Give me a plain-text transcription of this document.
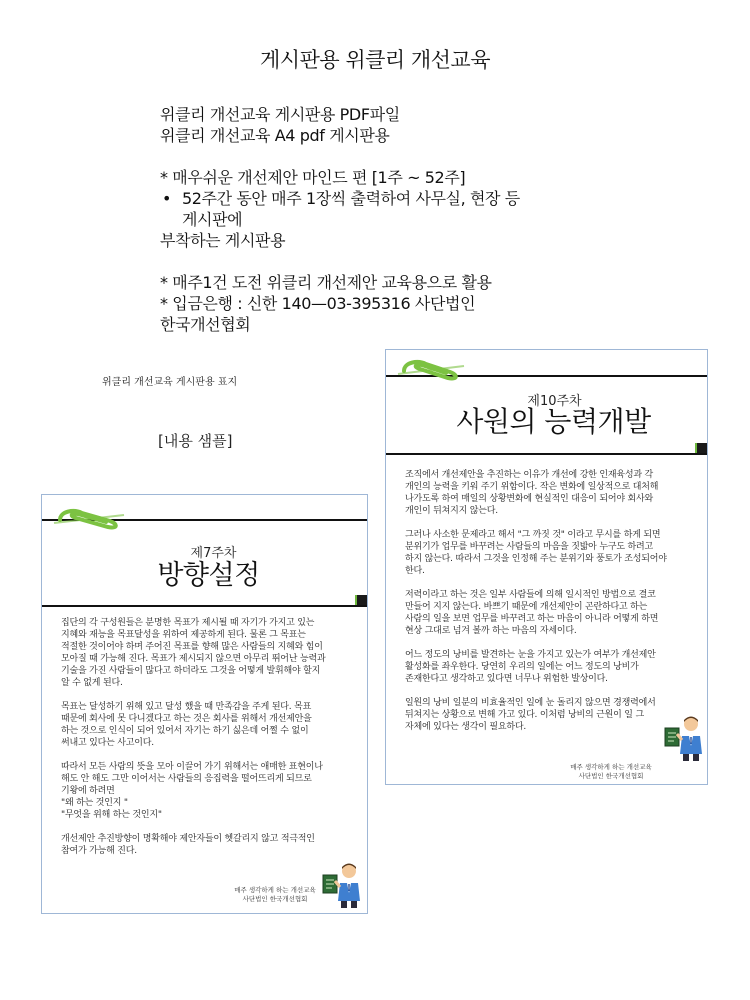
게시판용 위클리 개선교육
위클리 개선교육 게시판용 PDF파일
위클리 개선교육 A4 pdf 게시판용
* 매우쉬운 개선제안 마인드 편 [1주 ~ 52주]
• 52주간 동안 매주 1장씩 출력하여 사무실, 현장 등
게시판에
부착하는 게시판용
* 매주1건 도전 위클리 개선제안 교육용으로 활용
* 입금은행 : 신한 140—03-395316 사단법인
한국개선협회
위클리 개선교육 게시판용 표지
[내용 샘플]
제7주차
방향설정
집단의 각 구성원들은 분명한 목표가 제시될 때 자기가 가지고 있는
지혜와 재능을 목표달성을 위하여 제공하게 된다. 물론 그 목표는
적절한 것이어야 하며 주어진 목표를 향해 많은 사람들의 지혜와 힘이
모아질 때 가능해 진다. 목표가 제시되지 않으면 아무리 뛰어난 능력과
기술을 가진 사람들이 많다고 하더라도 그것을 어떻게 발휘해야 할지
알 수 없게 된다.
목표는 달성하기 위해 있고 달성 했을 때 만족감을 주게 된다. 목표
때문에 회사에 못 다니겠다고 하는 것은 회사를 위해서 개선제안을
하는 것으로 인식이 되어 있어서 자기는 하기 싫은데 어쩔 수 없이
써내고 있다는 사고이다.
따라서 모든 사람의 뜻을 모아 이끌어 가기 위해서는 애매한 표현이나
해도 안 해도 그만 이어서는 사람들의 응집력을 떨어뜨리게 되므로
기왕에 하려면
"왜 하는 것인지 "
"무엇을 위해 하는 것인지"
개선제안 추진방향이 명확해야 제안자들이 헷갈리지 않고 적극적인
참여가 가능해 진다.
매주 생각하게 하는 개선교육
사단법인 한국개선협회
제10주차
사원의 능력개발
조직에서 개선제안을 추진하는 이유가 개선에 강한 인재육성과 각
개인의 능력을 키워 주기 위함이다. 작은 변화에 일상적으로 대처해
나가도록 하여 매일의 상황변화에 현실적인 대응이 되어야 회사와
개인이 뒤쳐지지 않는다.
그러나 사소한 문제라고 해서 "그 까짓 것" 이라고 무시를 하게 되면
분위기가 업무를 바꾸려는 사람들의 마음을 짓밟아 누구도 하려고
하지 않는다. 따라서 그것을 인정해 주는 분위기와 풍토가 조성되어야
한다.
저력이라고 하는 것은 일부 사람들에 의해 일시적인 방법으로 결코
만들어 지지 않는다. 바쁘기 때문에 개선제안이 곤란하다고 하는
사람의 일을 보면 업무를 바꾸려고 하는 마음이 아니라 어떻게 하면
현상 그대로 넘겨 볼까 하는 마음의 자세이다.
어느 정도의 낭비를 발견하는 눈을 가지고 있는가 여부가 개선제안
활성화를 좌우한다. 당연히 우리의 일에는 어느 정도의 낭비가
존재한다고 생각하고 있다면 너무나 위험한 발상이다.
일원의 낭비 일분의 비효율적인 일에 눈 돌리지 않으면 경쟁력에서
뒤쳐지는 상황으로 변해 가고 있다. 이처럼 낭비의 근원이 일 그
자체에 있다는 생각이 필요하다.
매주 생각하게 하는 개선교육
사단법인 한국개선협회
